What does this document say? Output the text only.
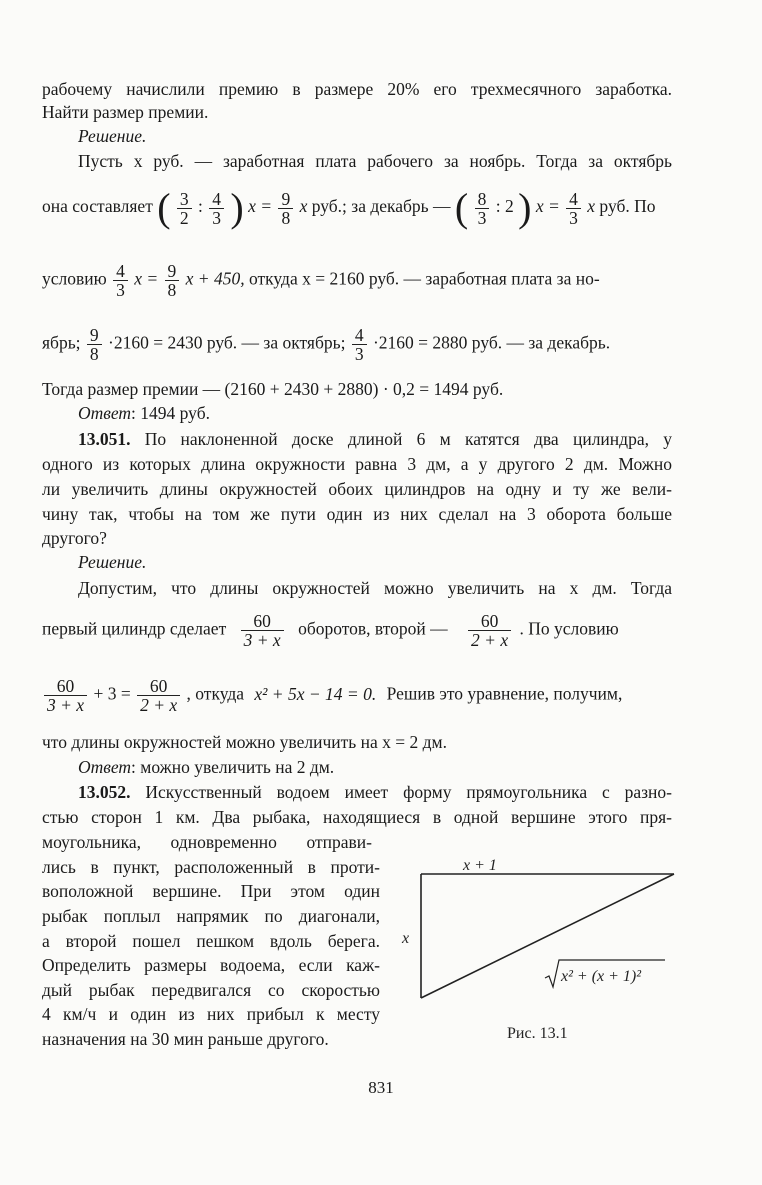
рабочему начислили премию в размере 20% его трехмесячного заработка.
Найти размер премии.
Решение.
Пусть x руб. — заработная плата рабочего за ноябрь. Тогда за октябрь
она составляет ( $\frac{3}{2}$ : $\frac{4}{3}$ ) $x = \frac{9}{8}$ x руб.; за декабрь — ( $\frac{8}{3}$ : 2 ) $x = \frac{4}{3}$ x руб. По
условию $\frac{4}{3}$ $x = \frac{9}{8}$ x + 450, откуда x = 2160 руб. — заработная плата за но-
ябрь; $\frac{9}{8} \cdot 2160 = 2430$ руб. — за октябрь; $\frac{4}{3} \cdot 2160 = 2880$ руб. — за декабрь.
Тогда размер премии — (2160 + 2430 + 2880) · 0,2 = 1494 руб.
Ответ: 1494 руб.
13.051. По наклоненной доске длиной 6 м катятся два цилиндра, у
одного из которых длина окружности равна 3 дм, а у другого 2 дм. Можно
ли увеличить длины окружностей обоих цилиндров на одну и ту же вели-
чину так, чтобы на том же пути один из них сделал на 3 оборота больше
другого?
Решение.
Допустим, что длины окружностей можно увеличить на x дм. Тогда
первый цилиндр сделает $\frac{60}{3 + x}$ оборотов, второй — $\frac{60}{2 + x}$ . По условию
$\frac{60}{3 + x} + 3 = \frac{60}{2 + x}$ , откуда x² + 5x − 14 = 0. Решив это уравнение, получим,
что длины окружностей можно увеличить на x = 2 дм.
Ответ: можно увеличить на 2 дм.
13.052. Искусственный водоем имеет форму прямоугольника с разно-
стью сторон 1 км. Два рыбака, находящиеся в одной вершине этого пря-
моугольника, одновременно отправи-
лись в пункт, расположенный в проти-
воположной вершине. При этом один
рыбак поплыл напрямик по диагонали,
а второй пошел пешком вдоль берега.
Определить размеры водоема, если каж-
дый рыбак передвигался со скоростью
4 км/ч и один из них прибыл к месту
назначения на 30 мин раньше другого.
x + 1
x
x² + (x + 1)²
Рис. 13.1
831
